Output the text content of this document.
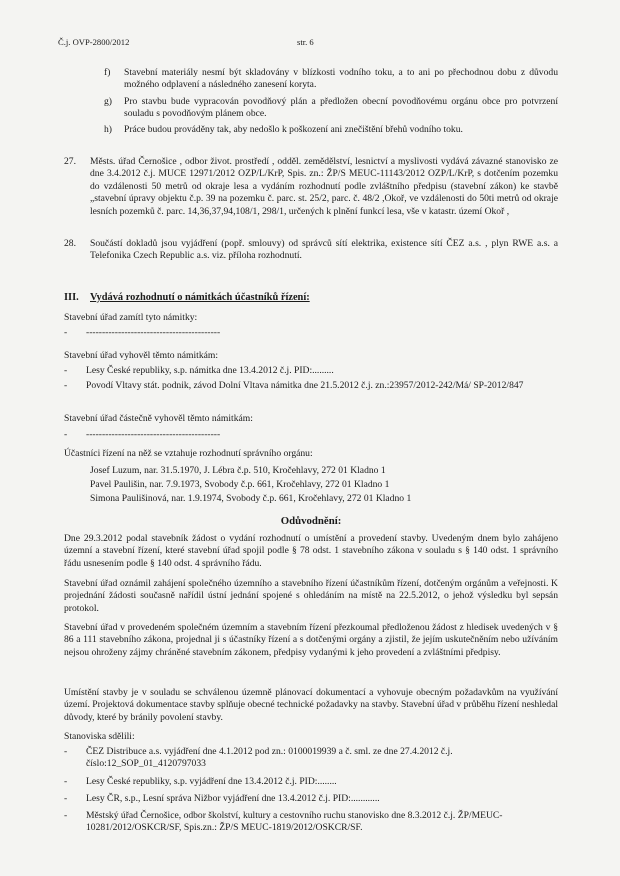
Č.j. OVP-2800/2012	str. 6
f) Stavební materiály nesmí být skladovány v blízkosti vodního toku, a to ani po přechodnou dobu z důvodu možného odplavení a následného zanesení koryta.
g) Pro stavbu bude vypracován povodňový plán a předložen obecní povodňovému orgánu obce pro potvrzení souladu s povodňovým plánem obce.
h) Práce budou prováděny tak, aby nedošlo k poškození ani znečištění břehů vodního toku.
27. Městs. úřad Černošice , odbor život. prostředí , odděl. zemědělství, lesnictví a myslivosti vydává závazné stanovisko ze dne 3.4.2012 č.j. MUCE 12971/2012 OZP/L/KrP, Spis. zn.: ŽP/S MEUC-11143/2012 OZP/L/KrP, s dotčením pozemku do vzdálenosti 50 metrů od okraje lesa a vydáním rozhodnutí podle zvláštního předpisu (stavební zákon) ke stavbě „stavební úpravy objektu č.p. 39 na pozemku č. parc. st. 25/2, parc. č. 48/2 ,Okoř, ve vzdálenosti do 50ti metrů od okraje lesních pozemků č. parc. 14,36,37,94,108/1, 298/1, určených k plnění funkcí lesa, vše v katastr. území Okoř ,
28. Součástí dokladů jsou vyjádření (popř. smlouvy) od správců sítí elektrika, existence sítí ČEZ a.s. , plyn RWE a.s. a Telefonika Czech Republic a.s. viz. příloha rozhodnutí.
III. Vydává rozhodnutí o námitkách účastníků řízení:
Stavební úřad zamítl tyto námitky:
- ------------------------------------------
Stavební úřad vyhověl těmto námitkám:
- Lesy České republiky, s.p. námitka dne 13.4.2012 č.j. PID:.........
- Povodí Vltavy stát. podnik, závod Dolní Vltava námitka dne 21.5.2012 č.j. zn.:23957/2012-242/Má/ SP-2012/847
Stavební úřad částečně vyhověl těmto námitkám:
- ------------------------------------------
Účastníci řízení na něž se vztahuje rozhodnutí správního orgánu:
Josef Luzum, nar. 31.5.1970, J. Lébra č.p. 510, Kročehlavy, 272 01 Kladno 1
Pavel Paulišin, nar. 7.9.1973, Svobody č.p. 661, Kročehlavy, 272 01 Kladno 1
Simona Paulišinová, nar. 1.9.1974, Svobody č.p. 661, Kročehlavy, 272 01 Kladno 1
Odůvodnění:
Dne 29.3.2012 podal stavebník žádost o vydání rozhodnutí o umístění a provedení stavby. Uvedeným dnem bylo zahájeno územní a stavební řízení, které stavební úřad spojil podle § 78 odst. 1 stavebního zákona v souladu s § 140 odst. 1 správního řádu usnesením podle § 140 odst. 4 správního řádu.
Stavební úřad oznámil zahájení společného územního a stavebního řízení účastníkům řízení, dotčeným orgánům a veřejnosti. K projednání žádosti současně nařídil ústní jednání spojené s ohledáním na místě na 22.5.2012, o jehož výsledku byl sepsán protokol.
Stavební úřad v provedeném společném územním a stavebním řízení přezkoumal předloženou žádost z hledisek uvedených v § 86 a 111 stavebního zákona, projednal ji s účastníky řízení a s dotčenými orgány a zjistil, že jejím uskutečněním nebo užíváním nejsou ohroženy zájmy chráněné stavebním zákonem, předpisy vydanými k jeho provedení a zvláštními předpisy.
Umístění stavby je v souladu se schválenou územně plánovací dokumentací a vyhovuje obecným požadavkům na využívání území. Projektová dokumentace stavby splňuje obecné technické požadavky na stavby. Stavební úřad v průběhu řízení neshledal důvody, které by bránily povolení stavby.
Stanoviska sdělili:
- ČEZ Distribuce a.s. vyjádření dne 4.1.2012 pod zn.: 0100019939 a č. sml. ze dne 27.4.2012 č.j. číslo:12_SOP_01_4120797033
- Lesy České republiky, s.p. vyjádření dne 13.4.2012 č.j. PID:........
- Lesy ČR, s.p., Lesní správa Nižbor vyjádření dne 13.4.2012 č.j. PID:............
- Městský úřad Černošice, odbor školství, kultury a cestovního ruchu stanovisko dne 8.3.2012 č.j. ŽP/MEUC-10281/2012/OSKCR/SF, Spis.zn.: ŽP/S MEUC-1819/2012/OSKCR/SF.
